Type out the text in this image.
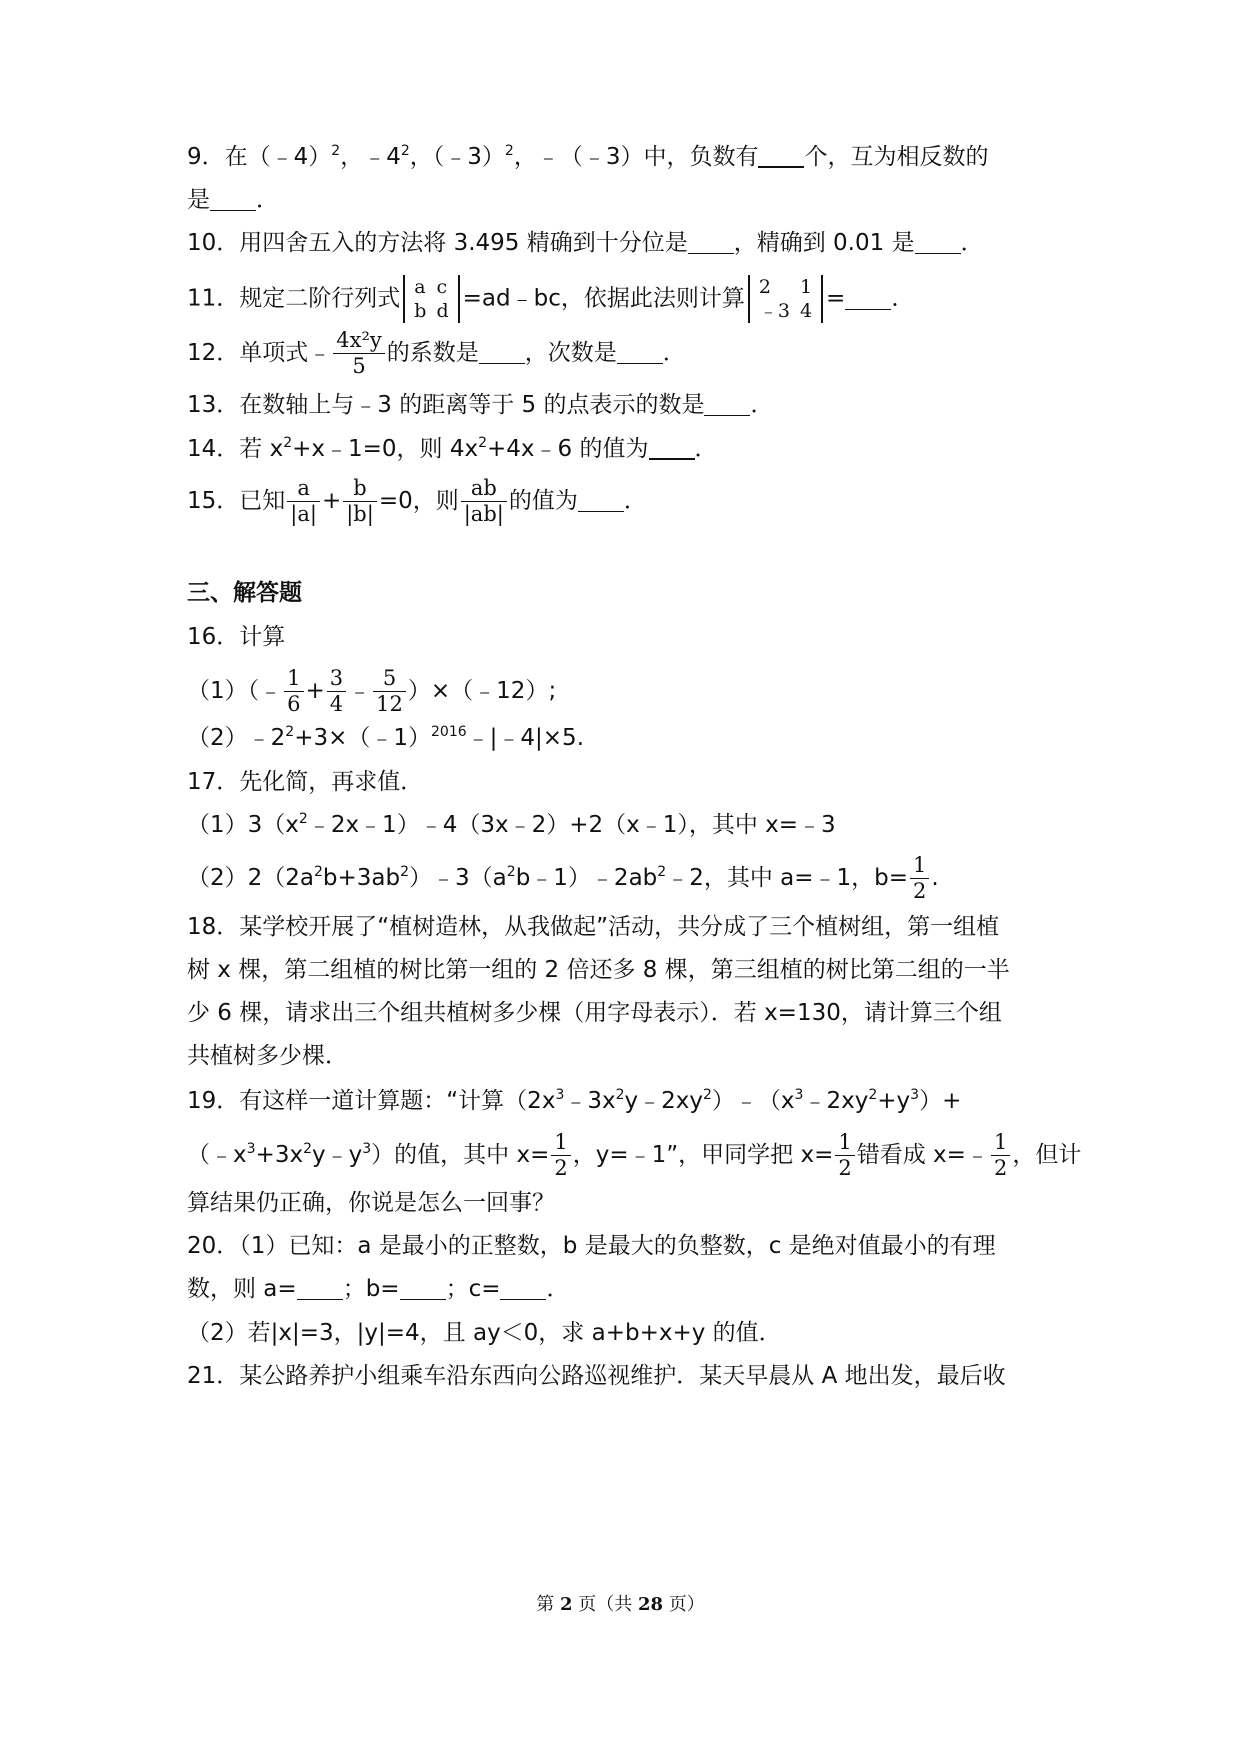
9．在（﹣4）$^2$，$﹣4^2$，（﹣3）$^2$，﹣（﹣3）中，负数有 个，互为相反数的
是 ．
10．用四舍五入的方法将 3.495 精确到十分位是 ，精确到 0.01 是 ．
11．规定二阶行列式 a	c
b	d =ad﹣bc，依据此法则计算 2	1
﹣3	4 = ．
12．单项式﹣ $\frac{\text{4x²y}}{5}$ 的系数是 ，次数是 ．
13．在数轴上与﹣3 的距离等于 5 的点表示的数是 ．
14．若 $x^2+x﹣1=0$，则 $4x^2+4x﹣6$ 的值为 ．
15．已知 $\frac{a}{|a|} + \frac{b}{|b|} =0$，则 $\frac{ab}{|ab|}$ 的值为 ．
三、解答题
16．计算
（1）（﹣ $\frac{1}{6} + \frac{3}{4}$ ﹣ $\frac{5}{12}$ ）×（﹣12）;
$(2)﹣2^2+3\times(﹣1)^{2016}﹣|﹣4|\times 5$.
17．先化简，再求值．
$(1)3(x^2﹣2x﹣1)﹣4(3x﹣2)+2(x﹣1)$，其中 x=﹣3
$(2)2(2a^2b+3ab^2)﹣3(a^2b﹣1)﹣2ab^2﹣2$，其中 a=﹣1，$b= \frac{1}{2}$ .
18．某学校开展了“植树造林，从我做起”活动，共分成了三个植树组，第一组植
树 x 棵，第二组植的树比第一组的 2 倍还多 8 棵，第三组植的树比第二组的一半
少 6 棵，请求出三个组共植树多少棵（用字母表示）．若 x=130，请计算三个组
共植树多少棵．
19．有这样一道计算题：“计算$(2x^3﹣3x^2y﹣2xy^2)﹣(x^3﹣2xy^2+y^3)+$
$(﹣x^3+3x^2y﹣y^3)$的值，其中 $x= \frac{1}{2}$ ，y=﹣1”，甲同学把 $x= \frac{1}{2}$ 错看成 x=﹣ $\frac{1}{2}$ ，但计
算结果仍正确，你说是怎么一回事？
20．（1）已知：a 是最小的正整数，b 是最大的负整数，c 是绝对值最小的有理
数，则 a= ；b= ；c= ．
（2）若|x|=3，|y|=4，且 ay＜0，求 a+b+x+y 的值．
21．某公路养护小组乘车沿东西向公路巡视维护．某天早晨从 A 地出发，最后收
第 2 页（共 28 页）
